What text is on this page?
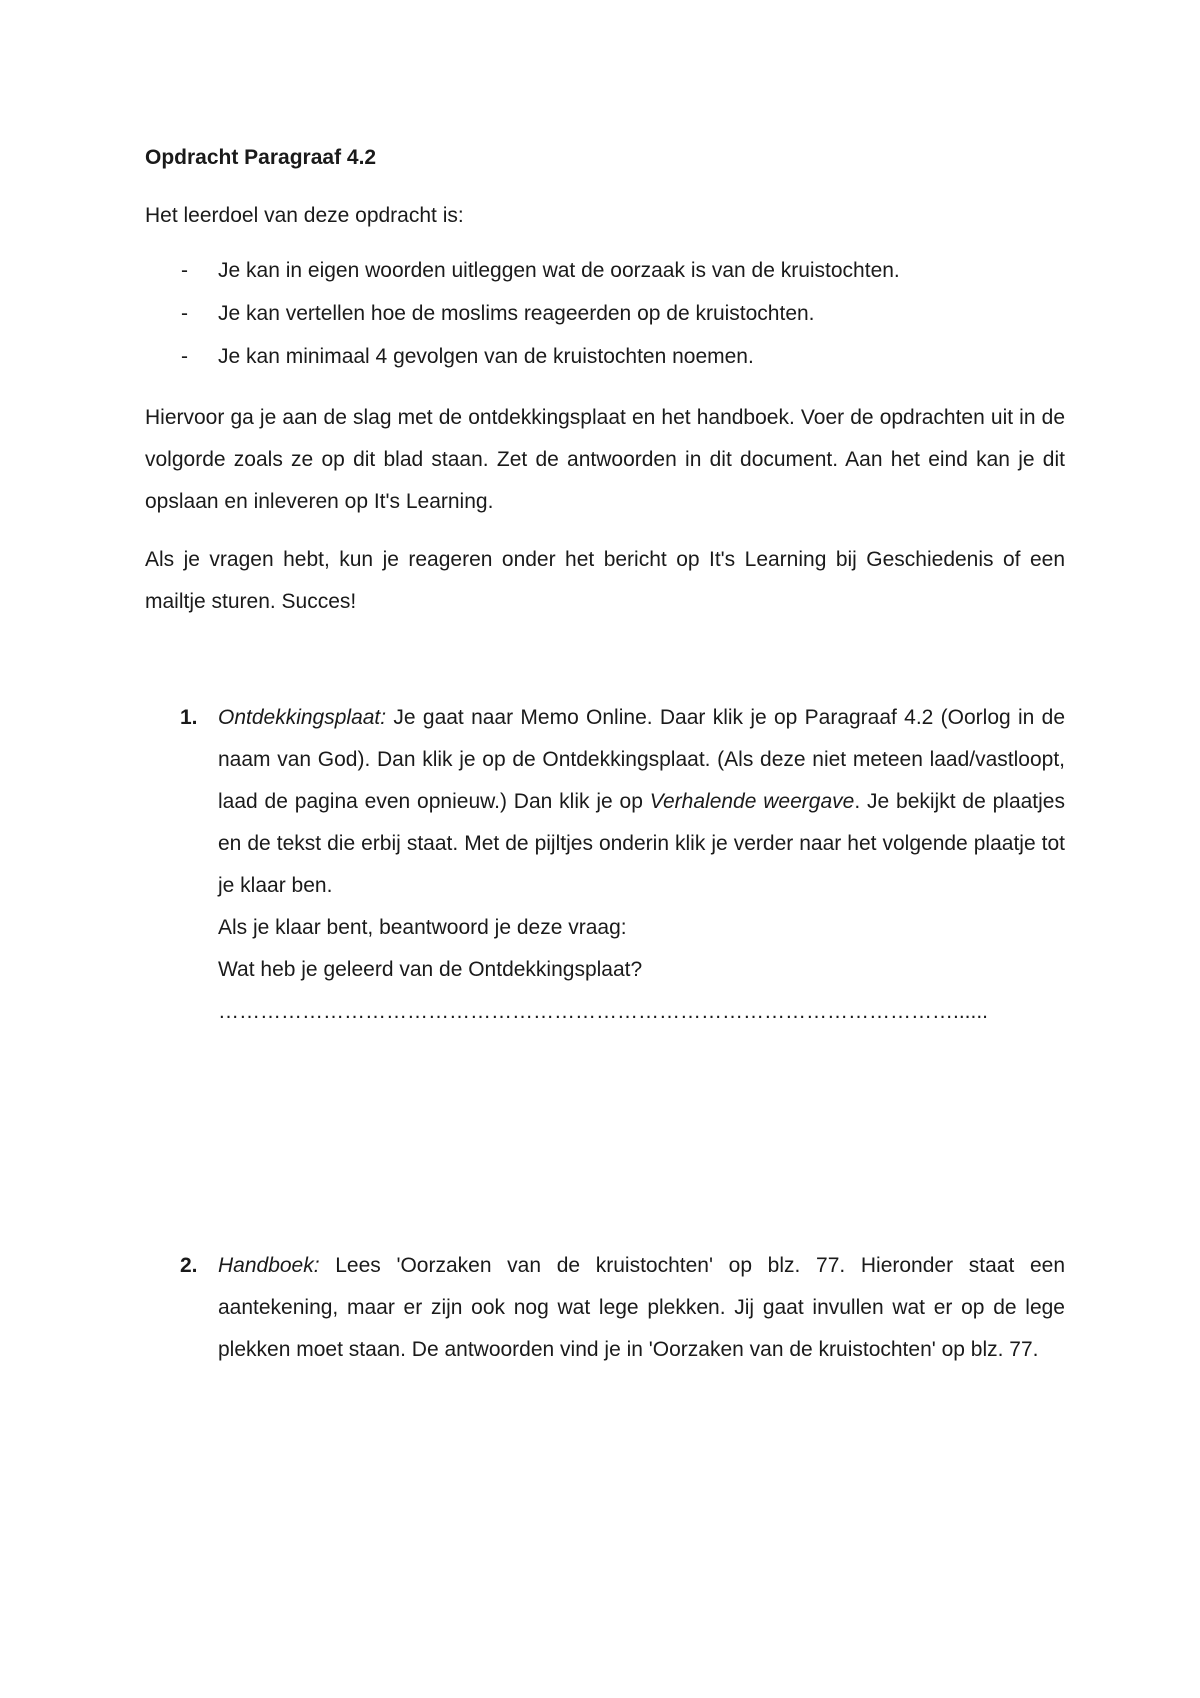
Opdracht Paragraaf 4.2
Het leerdoel van deze opdracht is:
- Je kan in eigen woorden uitleggen wat de oorzaak is van de kruistochten.
- Je kan vertellen hoe de moslims reageerden op de kruistochten.
- Je kan minimaal 4 gevolgen van de kruistochten noemen.

Hiervoor ga je aan de slag met de ontdekkingsplaat en het handboek. Voer de opdrachten uit in de volgorde zoals ze op dit blad staan. Zet de antwoorden in dit document. Aan het eind kan je dit opslaan en inleveren op It's Learning.

Als je vragen hebt, kun je reageren onder het bericht op It's Learning bij Geschiedenis of een mailtje sturen. Succes!

1. Ontdekkingsplaat: Je gaat naar Memo Online. Daar klik je op Paragraaf 4.2 (Oorlog in de naam van God). Dan klik je op de Ontdekkingsplaat. (Als deze niet meteen laad/vastloopt, laad de pagina even opnieuw.) Dan klik je op Verhalende weergave. Je bekijkt de plaatjes en de tekst die erbij staat. Met de pijltjes onderin klik je verder naar het volgende plaatje tot je klaar ben.
Als je klaar bent, beantwoord je deze vraag:
Wat heb je geleerd van de Ontdekkingsplaat?
……………………………………………………………………………………………......
2. Handboek: Lees 'Oorzaken van de kruistochten' op blz. 77. Hieronder staat een aantekening, maar er zijn ook nog wat lege plekken. Jij gaat invullen wat er op de lege plekken moet staan. De antwoorden vind je in 'Oorzaken van de kruistochten' op blz. 77.
